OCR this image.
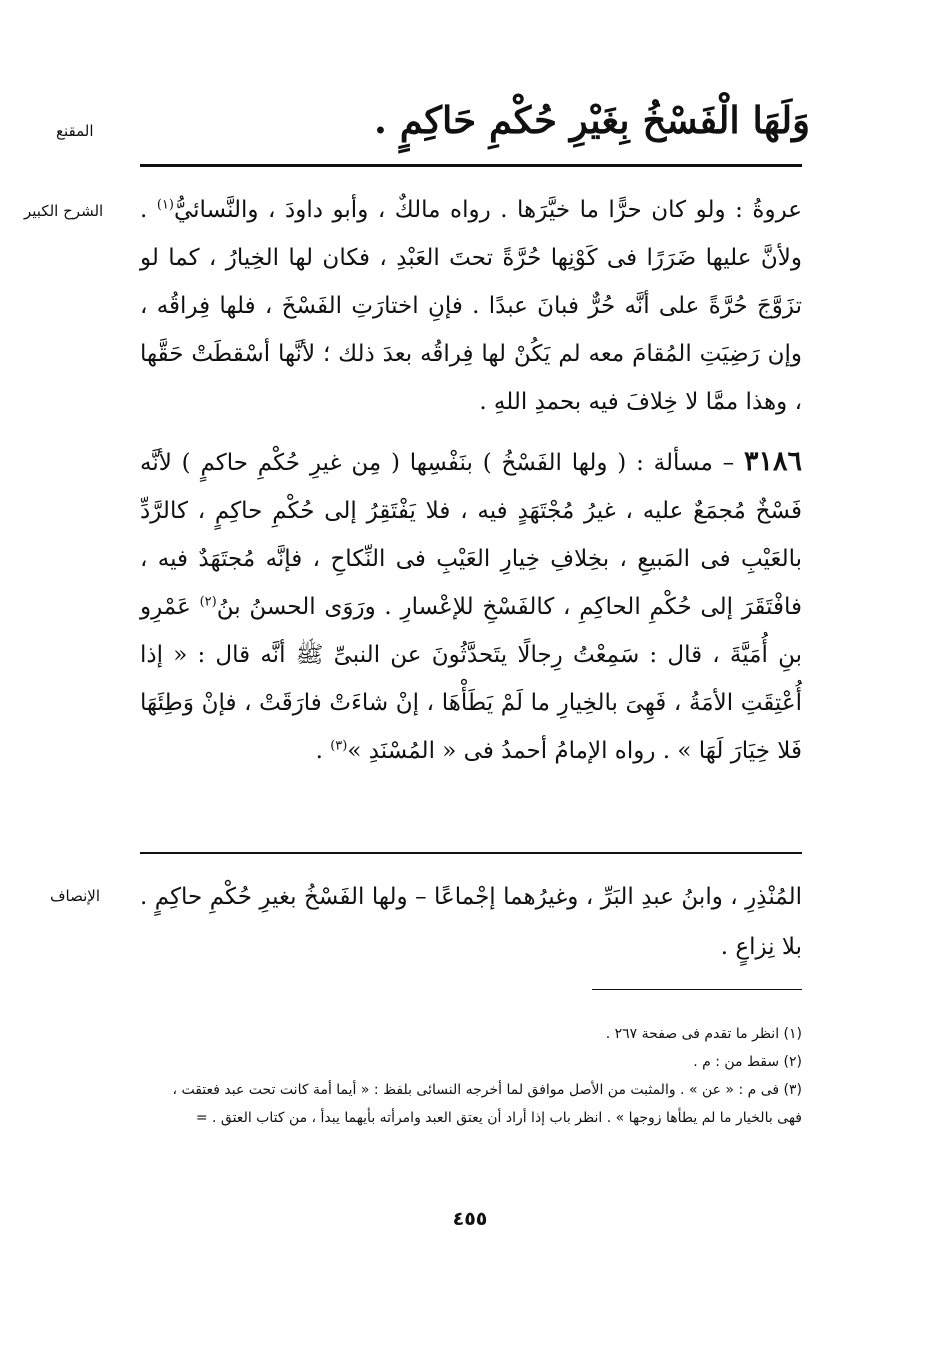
المقنع
الشرح الكبير
الإنصاف
وَلَهَا الْفَسْخُ بِغَيْرِ حُكْمِ حَاكِمٍ .

عروةُ : ولو كان حرًّا ما خيَّرَها . رواه مالكٌ ، وأبو داودَ ، والنَّسائيُّ$^{(١)}$ . ولأنَّ عليها ضَرَرًا فى كَوْنِها حُرَّةً تحتَ العَبْدِ ، فكان لها الخِيارُ ، كما لو تزَوَّجَ حُرَّةً على أنَّه حُرٌّ فبانَ عبدًا . فإنِ اختارَتِ الفَسْخَ ، فلها فِراقُه ، وإن رَضِيَتِ المُقامَ معه لم يَكُنْ لها فِراقُه بعدَ ذلك ؛ لأنَّها أسْقطَتْ حَقَّها ، وهذا ممَّا لا خِلافَ فيه بحمدِ اللهِ .

٣١٨٦ – مسألة : ( ولها الفَسْخُ ) بنَفْسِها ( مِن غيرِ حُكْمِ حاكمٍ ) لأنَّه فَسْخٌ مُجمَعٌ عليه ، غيرُ مُجْتَهَدٍ فيه ، فلا يَفْتَقِرُ إلى حُكْمِ حاكِمٍ ، كالرَّدِّ بالعَيْبِ فى المَبيعِ ، بخِلافِ خِيارِ العَيْبِ فى النِّكاحِ ، فإنَّه مُجتَهَدٌ فيه ، فافْتَقَرَ إلى حُكْمِ الحاكِمِ ، كالفَسْخِ للإعْسارِ . ورَوَى الحسنُ بنُ$^{(٢)}$ عَمْرِو بنِ أُمَيَّةَ ، قال : سَمِعْتُ رِجالًا يتَحدَّثُونَ عن النبىِّ ﷺ أنَّه قال : « إذا أُعْتِقَتِ الأمَةُ ، فَهِىَ بالخِيارِ ما لَمْ يَطَأْهَا ، إنْ شاءَتْ فارَقَتْ ، فإنْ وَطِئَهَا فَلا خِيَارَ لَهَا » . رواه الإمامُ أحمدُ فى « المُسْنَدِ »$^{(٣)}$ .

المُنْذِرِ ، وابنُ عبدِ البَرِّ ، وغيرُهما إجْماعًا – ولها الفَسْخُ بغيرِ حُكْمِ حاكِمٍ . بلا نِزاعٍ .

(١) انظر ما تقدم فى صفحة ٢٦٧ .

(٢) سقط من : م .

(٣) فى م : « عن » . والمثبت من الأصل موافق لما أخرجه النسائى بلفظ : « أيما أمة كانت تحت عبد فعتقت ،

فهى بالخيار ما لم يطأها زوجها » . انظر باب إذا أراد أن يعتق العبد وامرأته بأيهما يبدأ ، من كتاب العتق . =

٤٥٥
